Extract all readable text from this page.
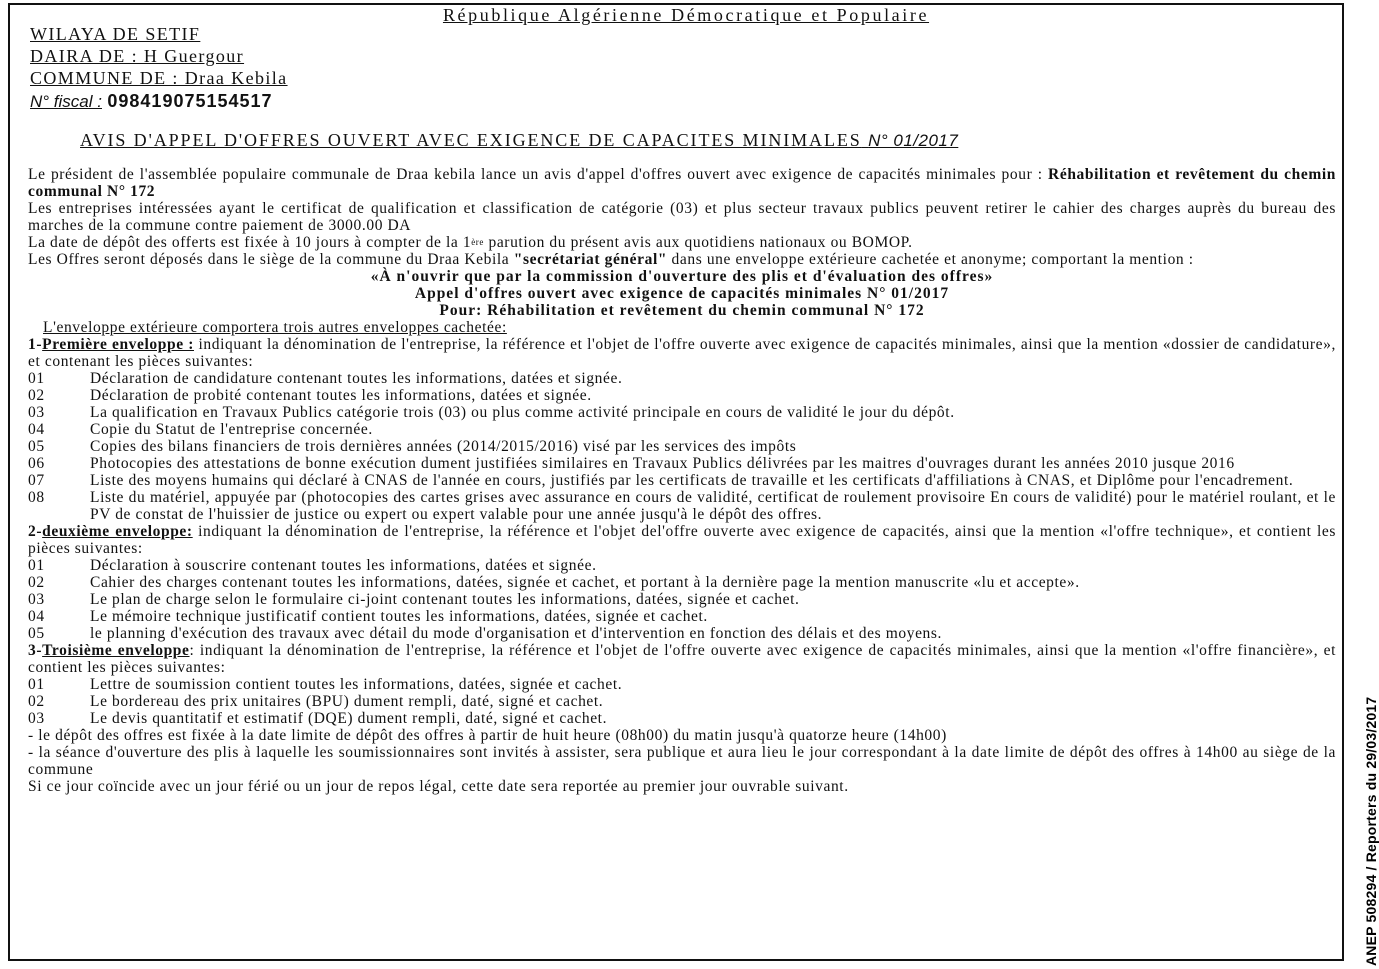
République Algérienne Démocratique et Populaire
WILAYA DE SETIF
DAIRA DE : H Guergour
COMMUNE DE : Draa Kebila
N° fiscal : 098419075154517
AVIS D'APPEL D'OFFRES OUVERT AVEC EXIGENCE DE CAPACITES MINIMALES N° 01/2017

Le président de l'assemblée populaire communale de Draa kebila lance un avis d'appel d'offres ouvert avec exigence de capacités minimales pour : Réhabilitation et revêtement du chemin communal N° 172

Les entreprises intéressées ayant le certificat de qualification et classification de catégorie (03) et plus secteur travaux publics peuvent retirer le cahier des charges auprès du bureau des marches de la commune contre paiement de 3000.00 DA

La date de dépôt des offerts est fixée à 10 jours à compter de la 1ère parution du présent avis aux quotidiens nationaux ou BOMOP.

Les Offres seront déposés dans le siège de la commune du Draa Kebila "secrétariat général" dans une enveloppe extérieure cachetée et anonyme; comportant la mention :

«À n'ouvrir que par la commission d'ouverture des plis et d'évaluation des offres»

Appel d'offres ouvert avec exigence de capacités minimales N° 01/2017

Pour: Réhabilitation et revêtement du chemin communal N° 172

L'enveloppe extérieure comportera trois autres enveloppes cachetée:

1-Première enveloppe : indiquant la dénomination de l'entreprise, la référence et l'objet de l'offre ouverte avec exigence de capacités minimales, ainsi que la mention «dossier de candidature», et contenant les pièces suivantes:

01	Déclaration de candidature contenant toutes les informations, datées et signée.
02	Déclaration de probité contenant toutes les informations, datées et signée.
03	La qualification en Travaux Publics catégorie trois (03) ou plus comme activité principale en cours de validité le jour du dépôt.
04	Copie du Statut de l'entreprise concernée.
05	Copies des bilans financiers de trois dernières années (2014/2015/2016) visé par les services des impôts
06	Photocopies des attestations de bonne exécution dument justifiées similaires en Travaux Publics délivrées par les maitres d'ouvrages durant les années 2010 jusque 2016
07	Liste des moyens humains qui déclaré à CNAS de l'année en cours, justifiés par les certificats de travaille et les certificats d'affiliations à CNAS, et Diplôme pour l'encadrement.
08	Liste du matériel, appuyée par (photocopies des cartes grises avec assurance en cours de validité, certificat de roulement provisoire En cours de validité) pour le matériel roulant, et le PV de constat de l'huissier de justice ou expert ou expert valable pour une année jusqu'à le dépôt des offres.

2-deuxième enveloppe: indiquant la dénomination de l'entreprise, la référence et l'objet del'offre ouverte avec exigence de capacités, ainsi que la mention «l'offre technique», et contient les pièces suivantes:

01	Déclaration à souscrire contenant toutes les informations, datées et signée.
02	Cahier des charges contenant toutes les informations, datées, signée et cachet, et portant à la dernière page la mention manuscrite «lu et accepte».
03	Le plan de charge selon le formulaire ci-joint contenant toutes les informations, datées, signée et cachet.
04	Le mémoire technique justificatif contient toutes les informations, datées, signée et cachet.
05	le planning d'exécution des travaux avec détail du mode d'organisation et d'intervention en fonction des délais et des moyens.

3-Troisième enveloppe: indiquant la dénomination de l'entreprise, la référence et l'objet de l'offre ouverte avec exigence de capacités minimales, ainsi que la mention «l'offre financière», et contient les pièces suivantes:

01	Lettre de soumission contient toutes les informations, datées, signée et cachet.
02	Le bordereau des prix unitaires (BPU) dument rempli, daté, signé et cachet.
03	Le devis quantitatif et estimatif (DQE) dument rempli, daté, signé et cachet.

- le dépôt des offres est fixée à la date limite de dépôt des offres à partir de huit heure (08h00) du matin jusqu'à quatorze heure (14h00)

- la séance d'ouverture des plis à laquelle les soumissionnaires sont invités à assister, sera publique et aura lieu le jour correspondant à la date limite de dépôt des offres à 14h00 au siège de la commune

Si ce jour coïncide avec un jour férié ou un jour de repos légal, cette date sera reportée au premier jour ouvrable suivant.	ANEP 508294 / Reporters du 29/03/2017
